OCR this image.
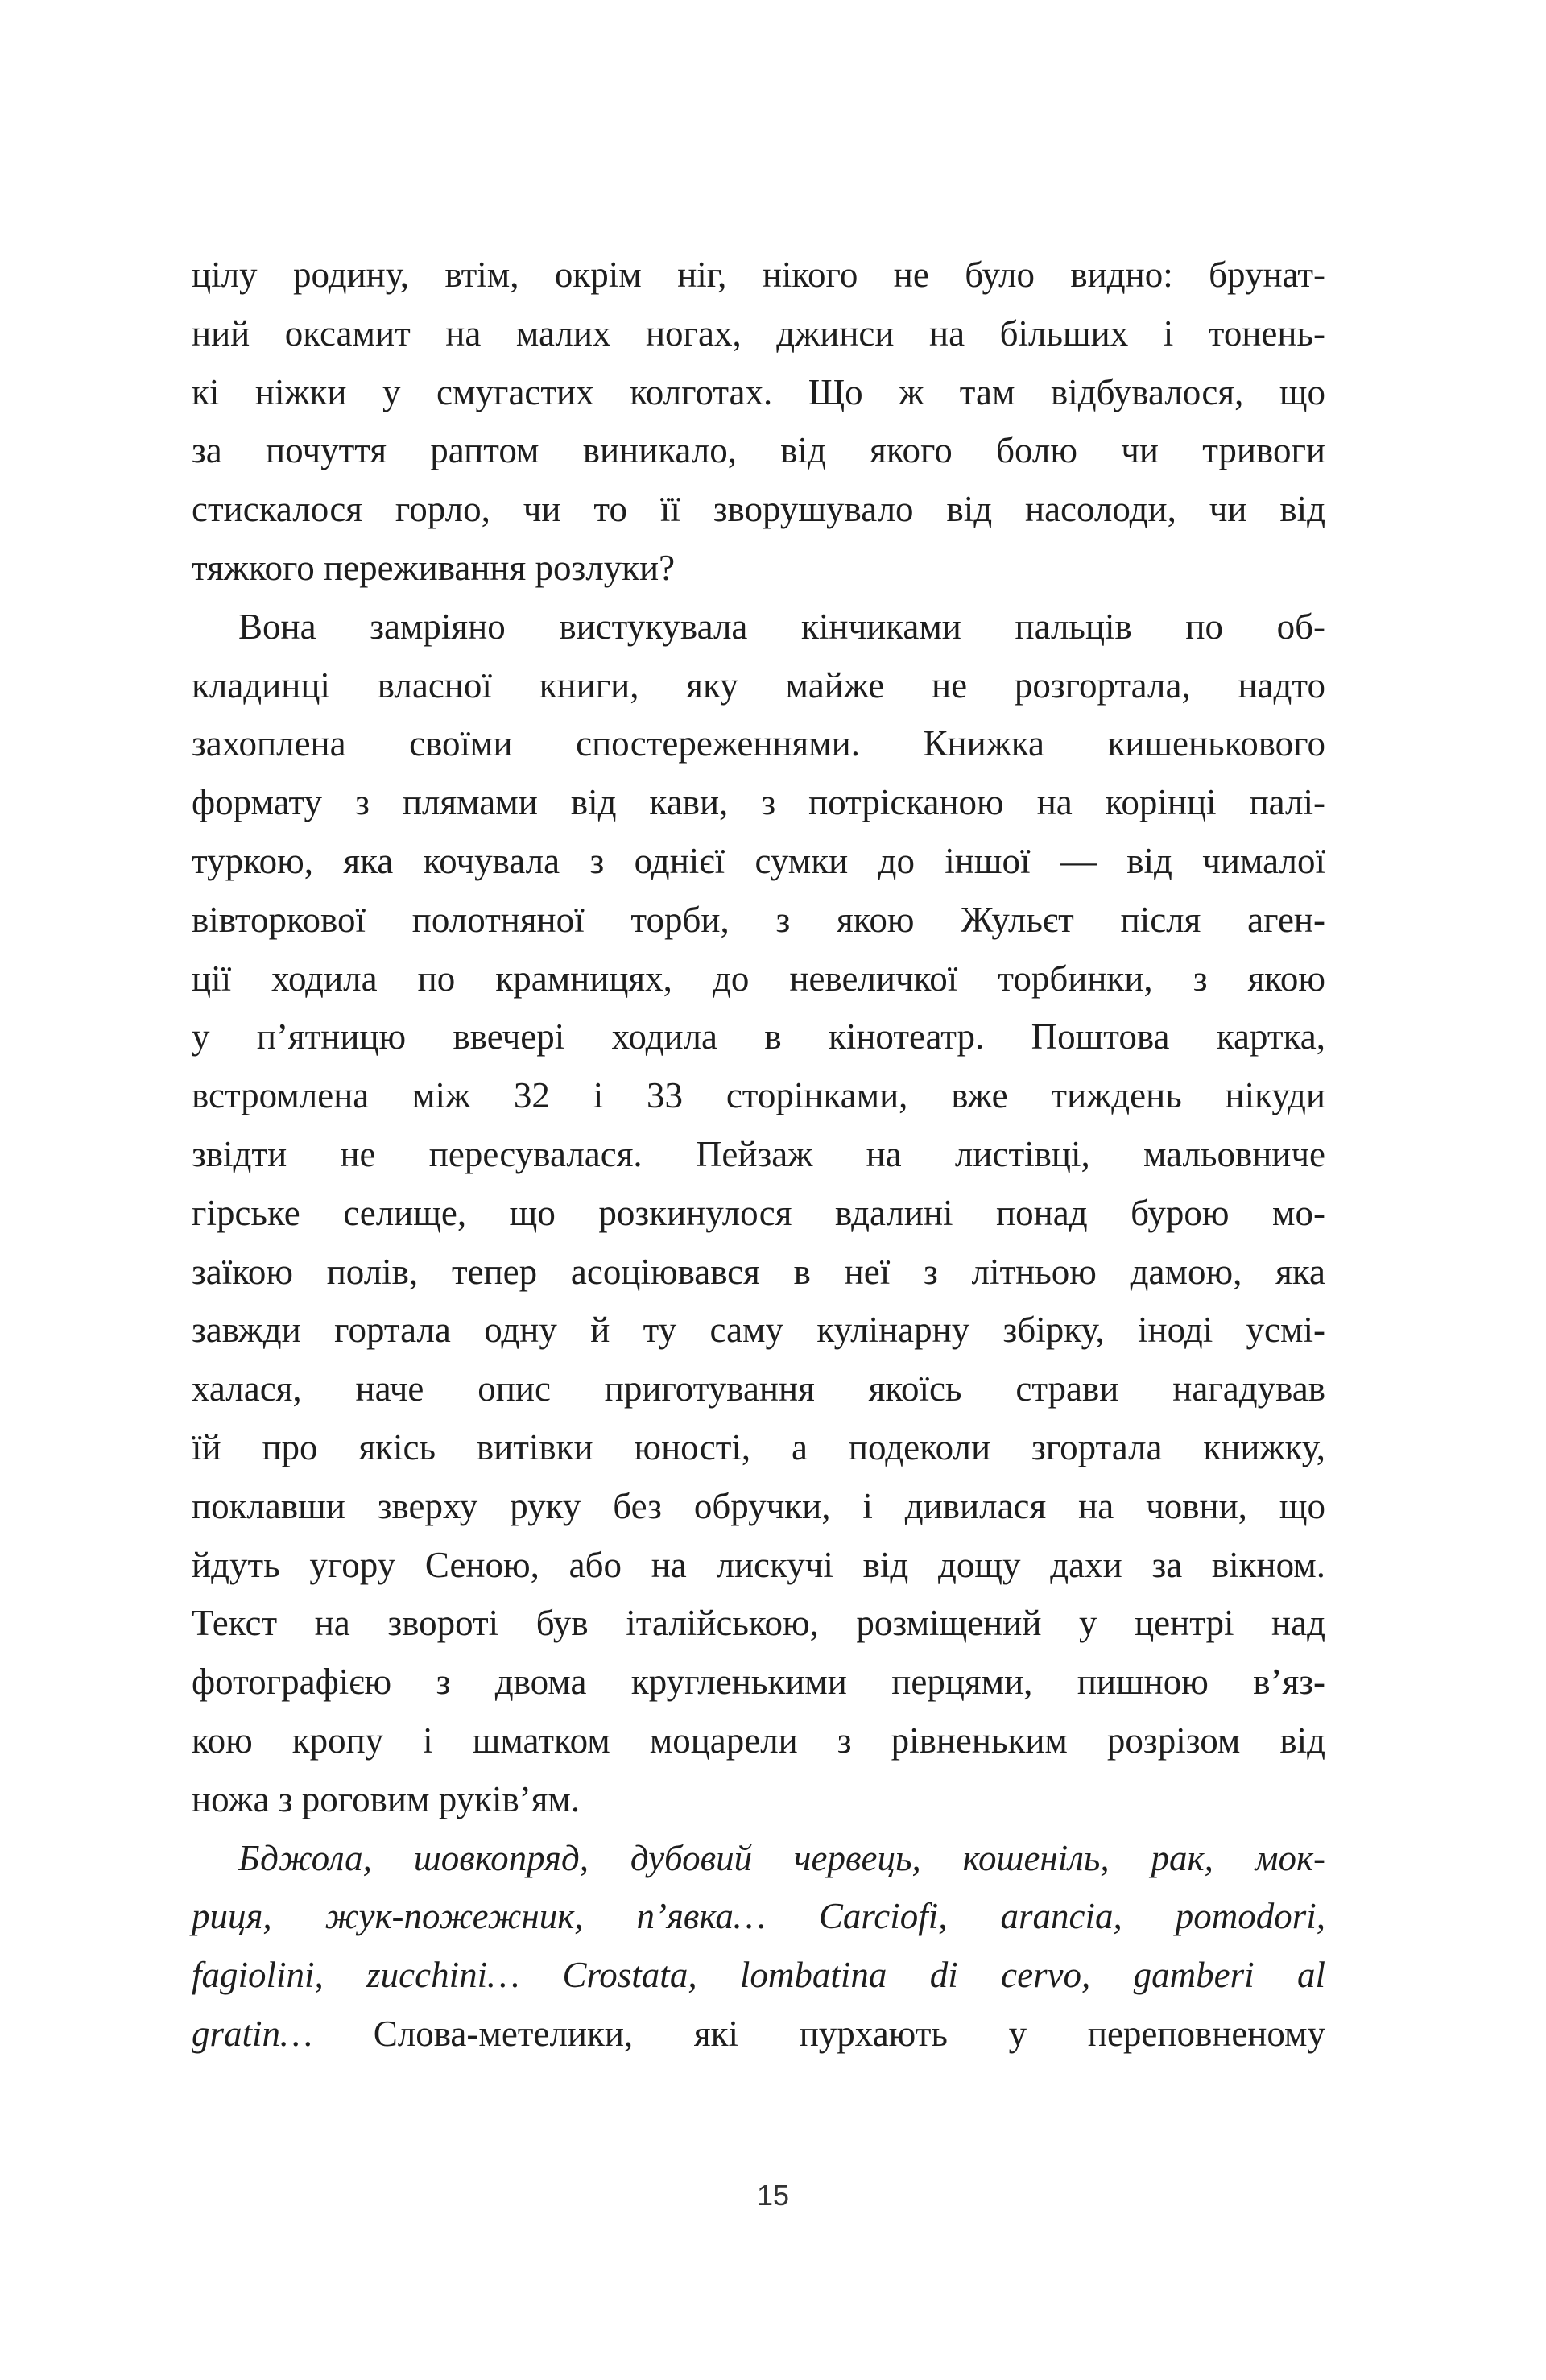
цілу родину, втім, окрім ніг, нікого не було видно: брунат-
ний оксамит на малих ногах, джинси на більших і тонень-
кі ніжки у смугастих колготах. Що ж там відбувалося, що
за почуття раптом виникало, від якого болю чи тривоги
стискалося горло, чи то її зворушувало від насолоди, чи від
тяжкого переживання розлуки?
Вона замріяно вистукувала кінчиками пальців по об-
кладинці власної книги, яку майже не розгортала, надто
захоплена своїми спостереженнями. Книжка кишенькового
формату з плямами від кави, з потрісканою на корінці палі-
туркою, яка кочувала з однієї сумки до іншої — від чималої
вівторкової полотняної торби, з якою Жульєт після аген-
ції ходила по крамницях, до невеличкої торбинки, з якою
у п’ятницю ввечері ходила в кінотеатр. Поштова картка,
встромлена між 32 і 33 сторінками, вже тиждень нікуди
звідти не пересувалася. Пейзаж на листівці, мальовниче
гірське селище, що розкинулося вдалині понад бурою мо-
заїкою полів, тепер асоціювався в неї з літньою дамою, яка
завжди гортала одну й ту саму кулінарну збірку, іноді усмі-
халася, наче опис приготування якоїсь страви нагадував
їй про якісь витівки юності, а подеколи згортала книжку,
поклавши зверху руку без обручки, і дивилася на човни, що
йдуть угору Сеною, або на лискучі від дощу дахи за вікном.
Текст на звороті був італійською, розміщений у центрі над
фотографією з двома кругленькими перцями, пишною в’яз-
кою кропу і шматком моцарели з рівненьким розрізом від
ножа з роговим руків’ям.
Бджола, шовкопряд, дубовий червець, кошеніль, рак, мок-
риця, жук-пожежник, п’явка… Carciofi, arancia, pomodori,
fagiolini, zucchini… Crostata, lombatina di cervo, gamberi al
gratin… Слова-метелики, які пурхають у переповненому
15
